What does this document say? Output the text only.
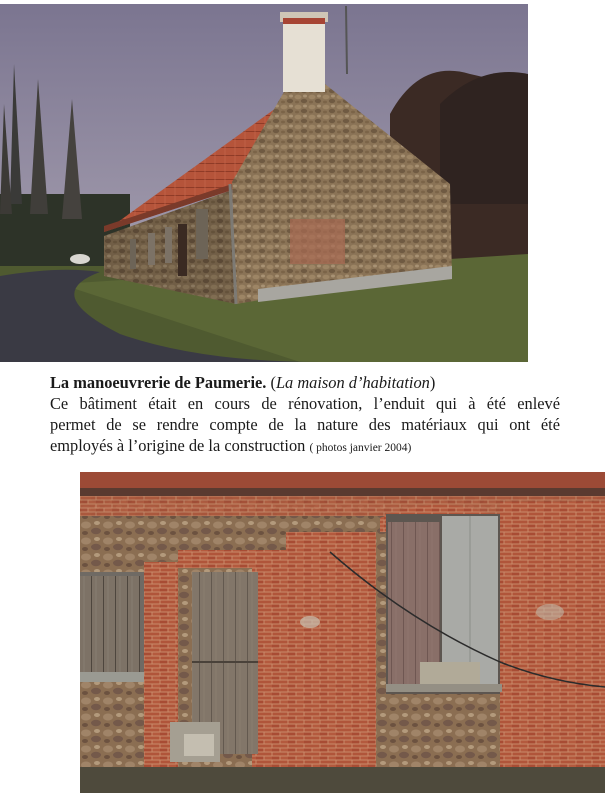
La manoeuvrerie de Paumerie. (La maison d’habitation)
Ce bâtiment était en cours de rénovation, l’enduit qui à été enlevé
permet de se rendre compte de la nature des matériaux qui ont été
employés à l’origine de la construction ( photos janvier 2004)
